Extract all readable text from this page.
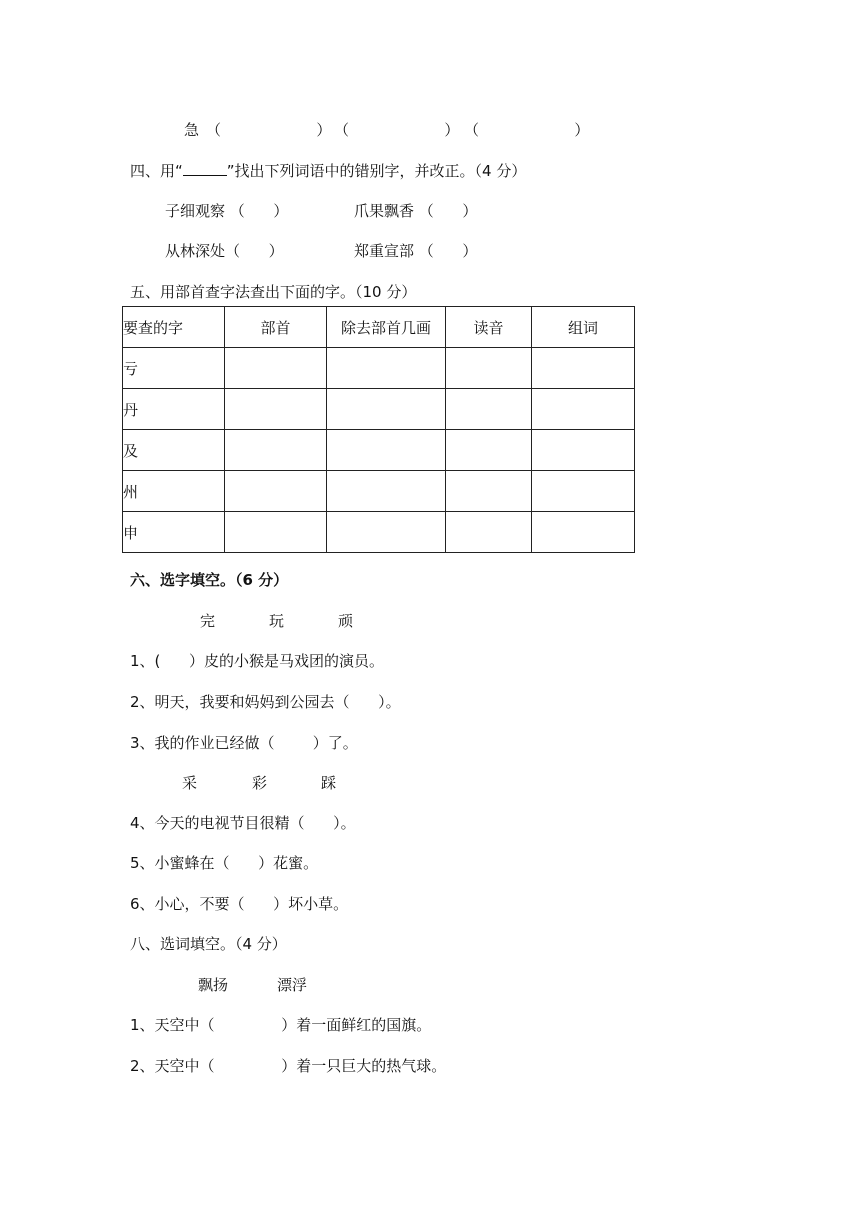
急 （                    ） （                    ） （                    ）
四、用“	”找出下列词语中的错别字，并改正。（4 分）
子细观察 （      ）	爪果飘香 （      ）
从林深处（      ）	郑重宣部 （      ）
五、用部首查字法查出下面的字。（10 分）
要查的字	部首	除去部首几画	读音	组词
亏				
丹				
及				
州				
申				
六、选字填空。（6 分）
完	玩	顽
1、(      ）皮的小猴是马戏团的演员。
2、明天，我要和妈妈到公园去（      ）。
3、我的作业已经做（        ）了。
采	彩	踩
4、今天的电视节目很精（      ）。
5、小蜜蜂在（      ）花蜜。
6、小心，不要（      ）坏小草。
八、选词填空。（4 分）
飘扬	漂浮
1、天空中（              ）着一面鲜红的国旗。
2、天空中（              ）着一只巨大的热气球。
